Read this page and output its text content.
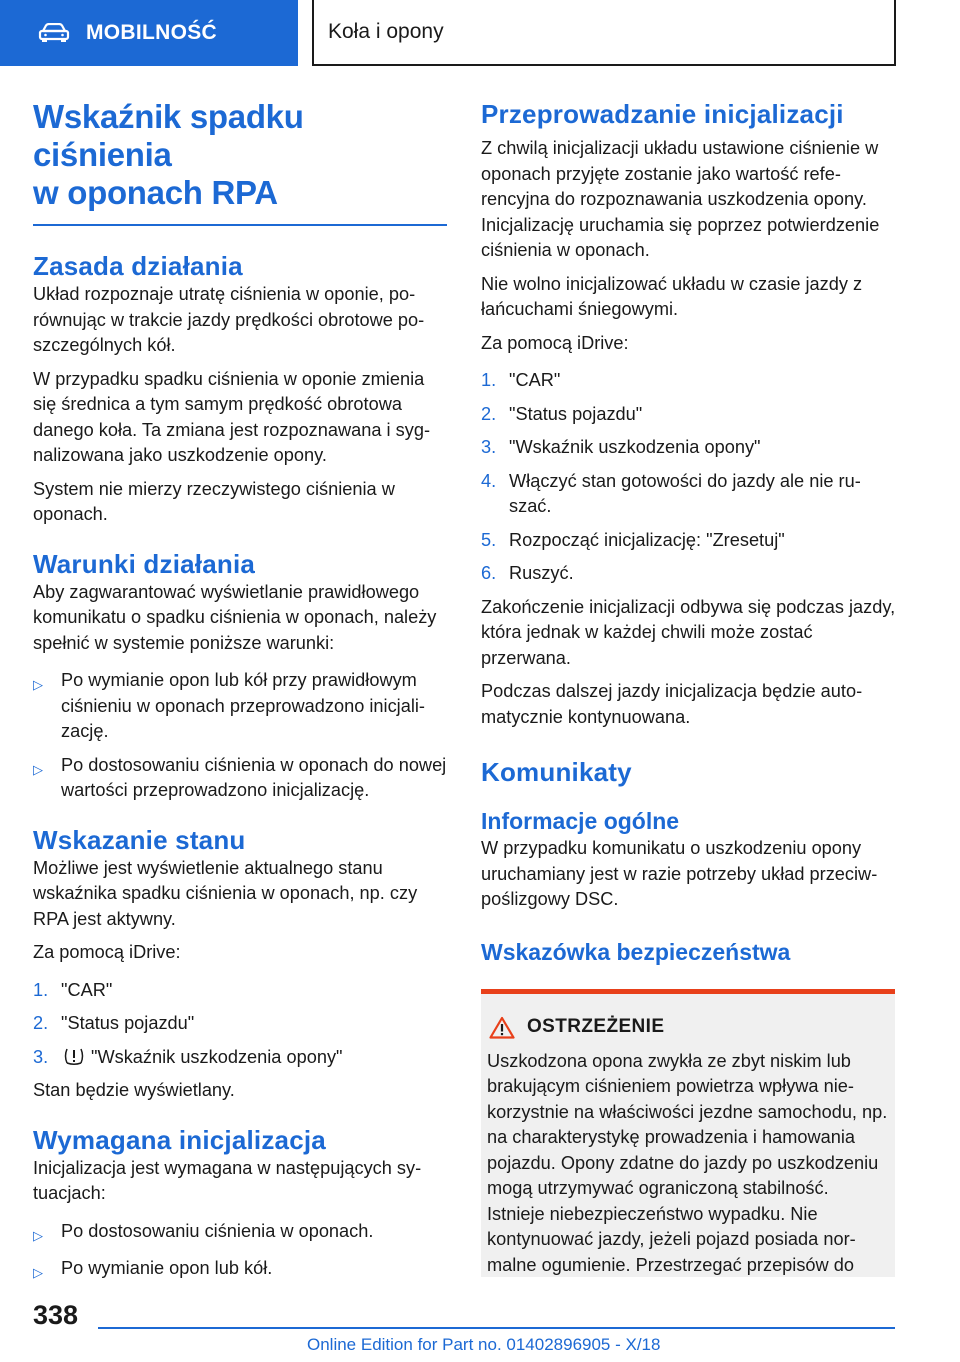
MOBILNOŚĆ	Koła i opony
Wskaźnik spadku ciśnienia
w oponach RPA
Zasada działania

Układ rozpoznaje utratę ciśnienia w oponie, porównując w trakcie jazdy prędkości obrotowe poszczególnych kół.

W przypadku spadku ciśnienia w oponie zmienia się średnica a tym samym prędkość obrotowa danego koła. Ta zmiana jest rozpoznawana i sygnalizowana jako uszkodzenie opony.

System nie mierzy rzeczywistego ciśnienia w oponach.

Warunki działania

Aby zagwarantować wyświetlanie prawidłowego komunikatu o spadku ciśnienia w oponach, należy spełnić w systemie poniższe warunki:

▷ Po wymianie opon lub kół przy prawidłowym ciśnieniu w oponach przeprowadzono inicjalizację.
▷ Po dostosowaniu ciśnienia w oponach do nowej wartości przeprowadzono inicjalizację.
Wskazanie stanu

Możliwe jest wyświetlenie aktualnego stanu wskaźnika spadku ciśnienia w oponach, np. czy RPA jest aktywny.

Za pomocą iDrive:

1. "CAR"
2. "Status pojazdu"
3.	"Wskaźnik uszkodzenia opony"

Stan będzie wyświetlany.

Wymagana inicjalizacja

Inicjalizacja jest wymagana w następujących sytuacjach:

▷ Po dostosowaniu ciśnienia w oponach.
▷ Po wymianie opon lub kół.
Przeprowadzanie inicjalizacji

Z chwilą inicjalizacji układu ustawione ciśnienie w oponach przyjęte zostanie jako wartość referencyjna do rozpoznawania uszkodzenia opony. Inicjalizację uruchamia się poprzez potwierdzenie ciśnienia w oponach.

Nie wolno inicjalizować układu w czasie jazdy z łańcuchami śniegowymi.

Za pomocą iDrive:

1. "CAR"
2. "Status pojazdu"
3. "Wskaźnik uszkodzenia opony"
4. Włączyć stan gotowości do jazdy ale nie ruszać.
5. Rozpocząć inicjalizację: "Zresetuj"
6. Ruszyć.

Zakończenie inicjalizacji odbywa się podczas jazdy, która jednak w każdej chwili może zostać przerwana.

Podczas dalszej jazdy inicjalizacja będzie automatycznie kontynuowana.

Komunikaty
Informacje ogólne

W przypadku komunikatu o uszkodzeniu opony uruchamiany jest w razie potrzeby układ przeciwpoślizgowy DSC.

Wskazówka bezpieczeństwa
OSTRZEŻENIE

Uszkodzona opona zwykła ze zbyt niskim lub brakującym ciśnieniem powietrza wpływa niekorzystnie na właściwości jezdne samochodu, np. na charakterystykę prowadzenia i hamowania pojazdu. Opony zdatne do jazdy po uszkodzeniu mogą utrzymywać ograniczoną stabilność. Istnieje niebezpieczeństwo wypadku. Nie kontynuować jazdy, jeżeli pojazd posiada normalne ogumienie. Przestrzegać przepisów do

338
Online Edition for Part no. 01402896905 - X/18
